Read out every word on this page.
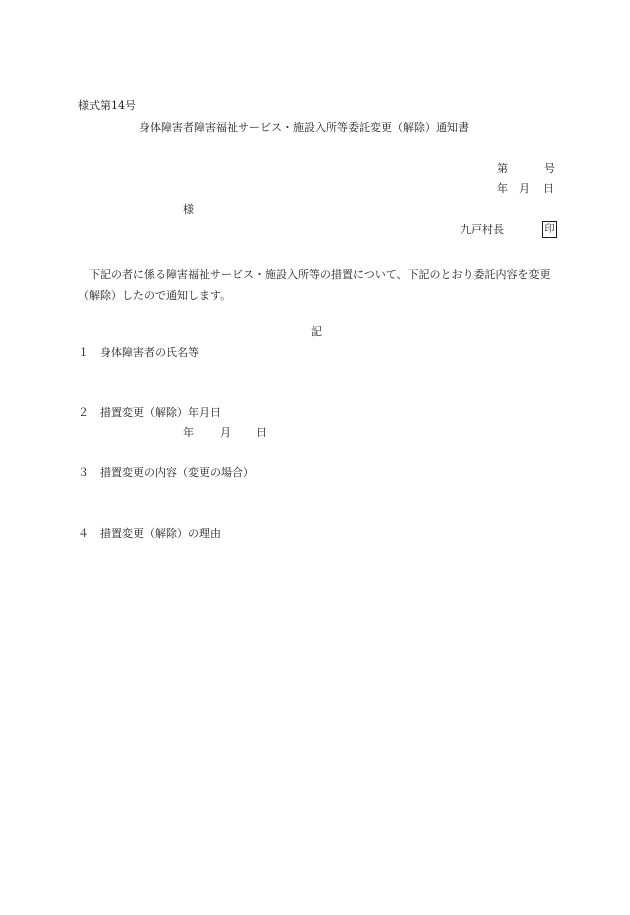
様式第14号
身体障害者障害福祉サービス・施設入所等委託変更（解除）通知書
第	号
年 月 日
様
九戸村長	印
下記の者に係る障害福祉サービス・施設入所等の措置について、下記のとおり委託内容を変更（解除）したので通知します。
記
１ 身体障害者の氏名等
２ 措置変更（解除）年月日
年 月 日
３ 措置変更の内容（変更の場合）
４ 措置変更（解除）の理由
